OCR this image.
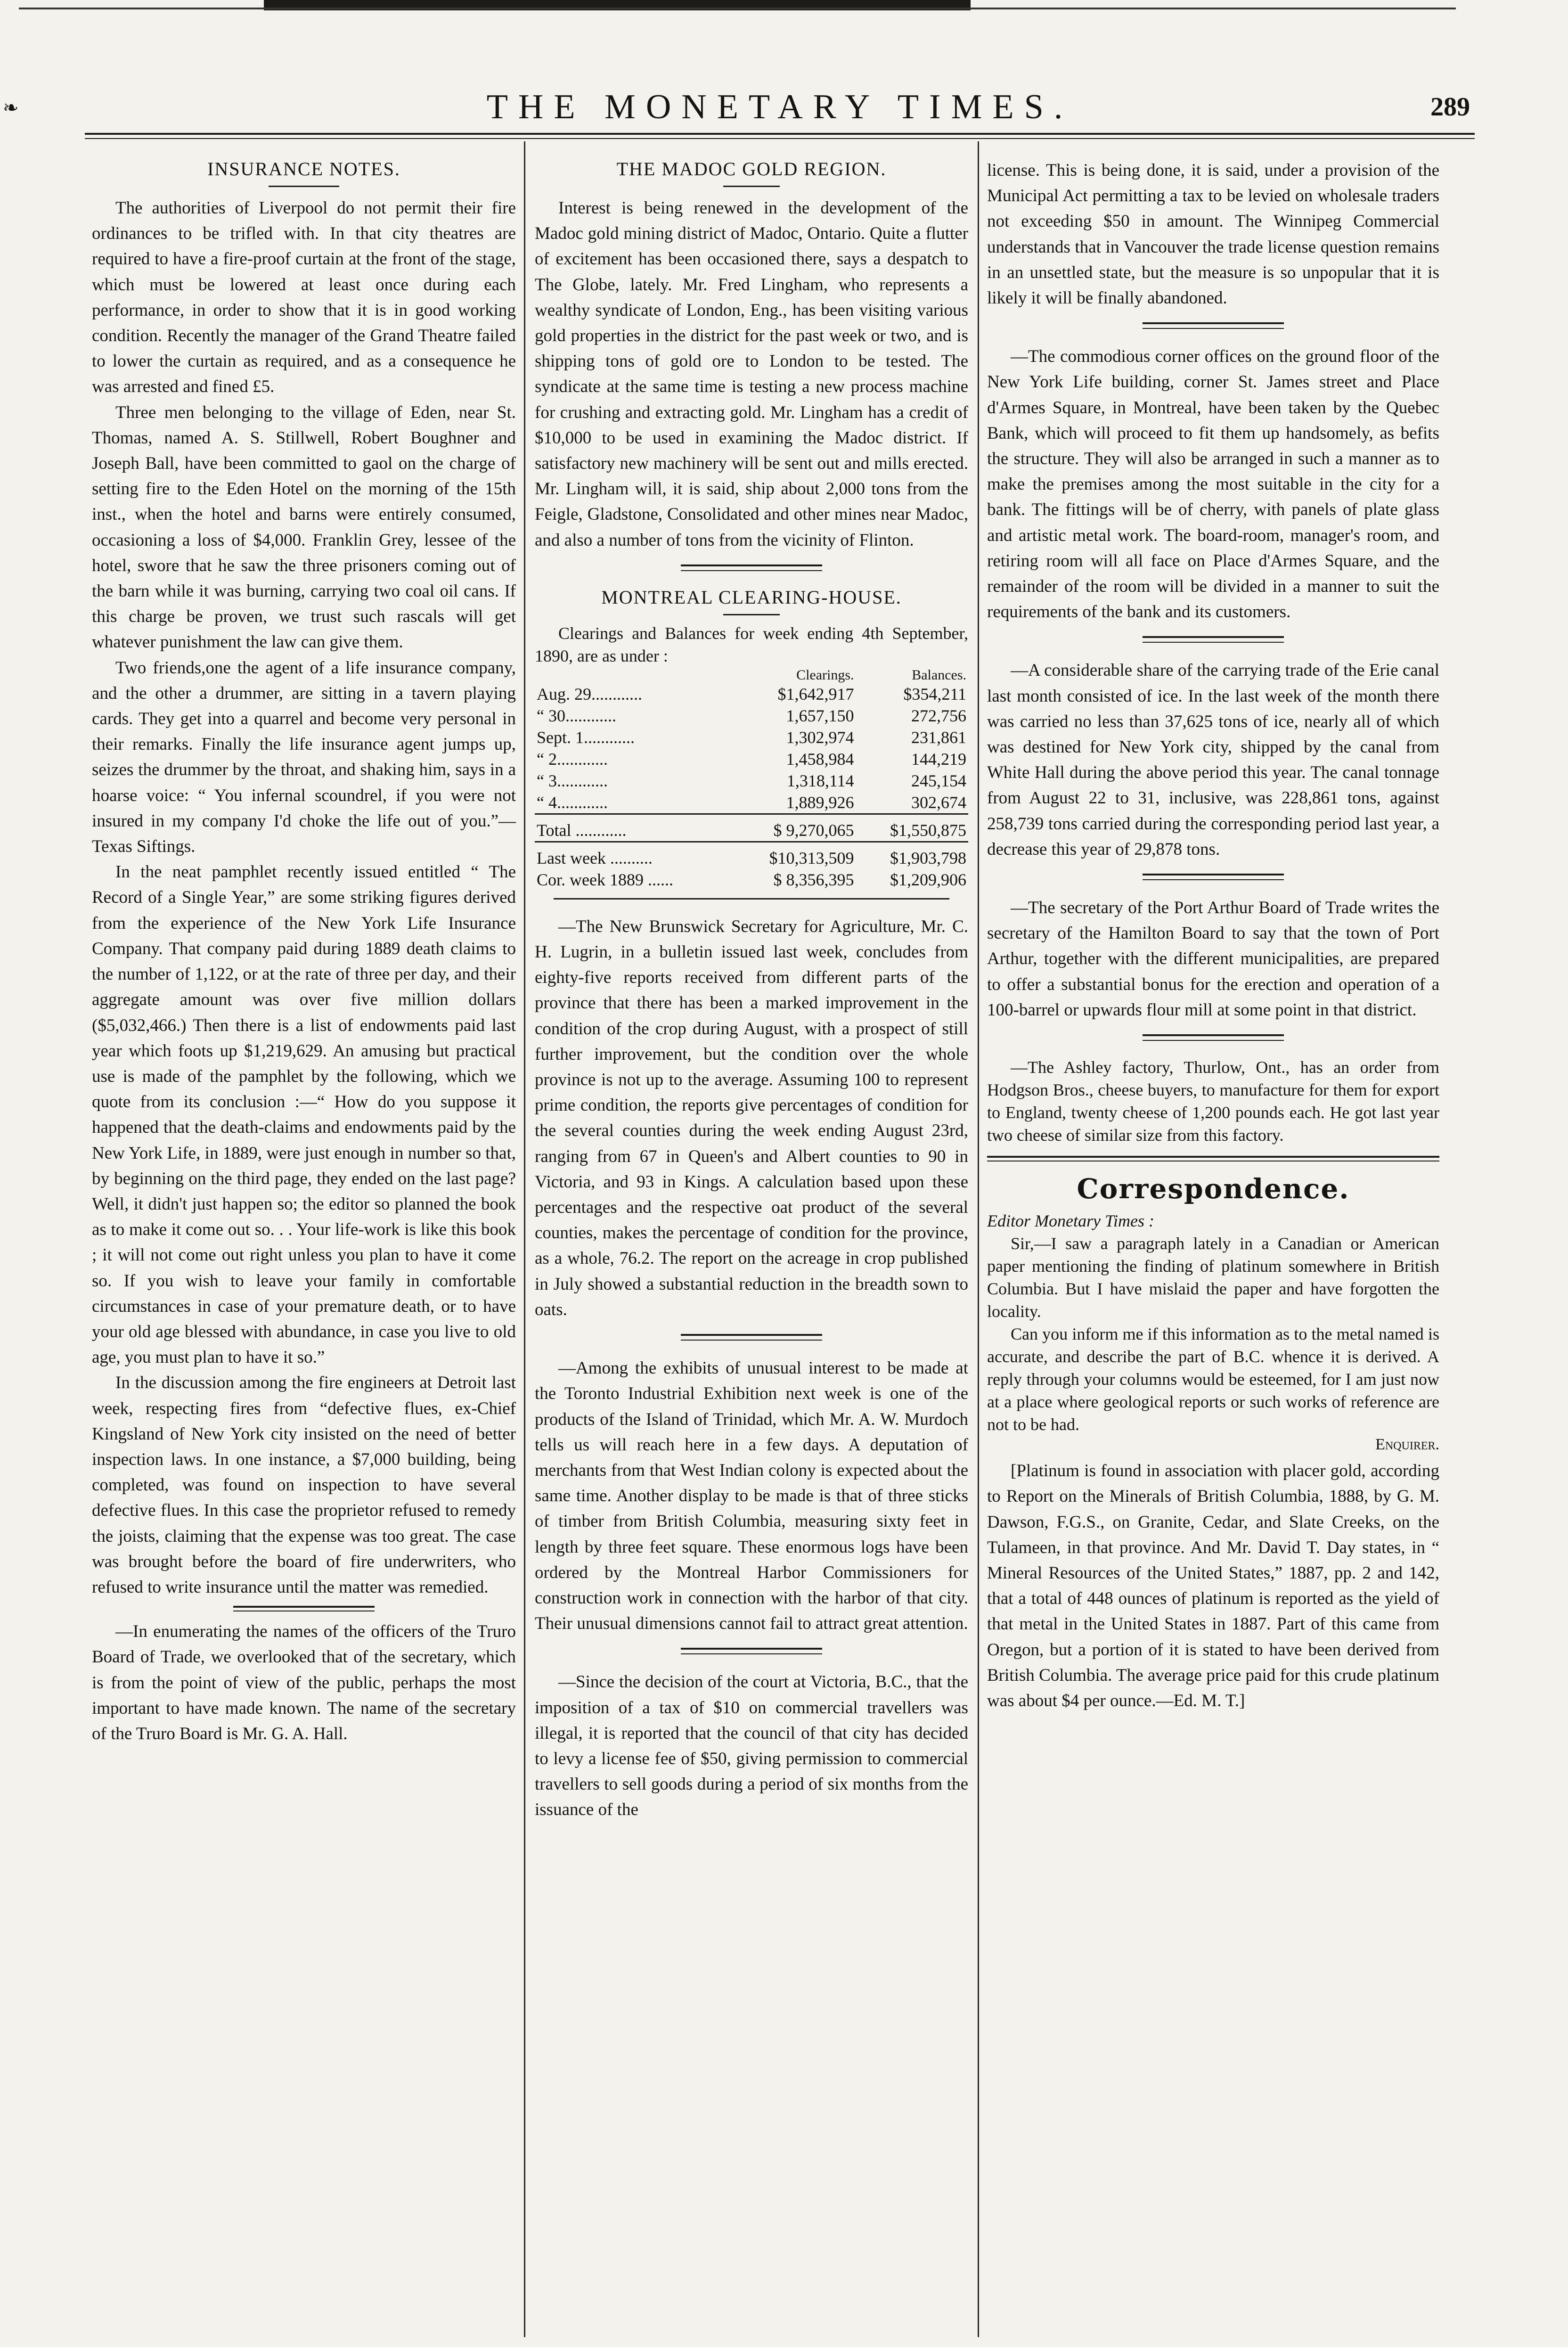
❧	THE MONETARY TIMES.	289

INSURANCE NOTES.

The authorities of Liverpool do not permit their fire ordinances to be trifled with. In that city theatres are required to have a fire-proof curtain at the front of the stage, which must be lowered at least once during each performance, in order to show that it is in good working condition. Recently the manager of the Grand Theatre failed to lower the curtain as required, and as a consequence he was arrested and fined £5.

Three men belonging to the village of Eden, near St. Thomas, named A. S. Stillwell, Robert Boughner and Joseph Ball, have been committed to gaol on the charge of setting fire to the Eden Hotel on the morning of the 15th inst., when the hotel and barns were entirely consumed, occasioning a loss of $4,000. Franklin Grey, lessee of the hotel, swore that he saw the three prisoners coming out of the barn while it was burning, carrying two coal oil cans. If this charge be proven, we trust such rascals will get whatever punishment the law can give them.

Two friends,one the agent of a life insurance company, and the other a drummer, are sitting in a tavern playing cards. They get into a quarrel and become very personal in their remarks. Finally the life insurance agent jumps up, seizes the drummer by the throat, and shaking him, says in a hoarse voice: “ You infernal scoundrel, if you were not insured in my company I'd choke the life out of you.”—Texas Siftings.

In the neat pamphlet recently issued entitled “ The Record of a Single Year,” are some striking figures derived from the experience of the New York Life Insurance Company. That company paid during 1889 death claims to the number of 1,122, or at the rate of three per day, and their aggregate amount was over five million dollars ($5,032,466.) Then there is a list of endowments paid last year which foots up $1,219,629. An amusing but practical use is made of the pamphlet by the following, which we quote from its conclusion :—“ How do you suppose it happened that the death-claims and endowments paid by the New York Life, in 1889, were just enough in number so that, by beginning on the third page, they ended on the last page? Well, it didn't just happen so; the editor so planned the book as to make it come out so. . . Your life-work is like this book ; it will not come out right unless you plan to have it come so. If you wish to leave your family in comfortable circumstances in case of your premature death, or to have your old age blessed with abundance, in case you live to old age, you must plan to have it so.”

In the discussion among the fire engineers at Detroit last week, respecting fires from “defective flues, ex-Chief Kingsland of New York city insisted on the need of better inspection laws. In one instance, a $7,000 building, being completed, was found on inspection to have several defective flues. In this case the proprietor refused to remedy the joists, claiming that the expense was too great. The case was brought before the board of fire underwriters, who refused to write insurance until the matter was remedied.

—In enumerating the names of the officers of the Truro Board of Trade, we overlooked that of the secretary, which is from the point of view of the public, perhaps the most important to have made known. The name of the secretary of the Truro Board is Mr. G. A. Hall.

THE MADOC GOLD REGION.

Interest is being renewed in the development of the Madoc gold mining district of Madoc, Ontario. Quite a flutter of excitement has been occasioned there, says a despatch to The Globe, lately. Mr. Fred Lingham, who represents a wealthy syndicate of London, Eng., has been visiting various gold properties in the district for the past week or two, and is shipping tons of gold ore to London to be tested. The syndicate at the same time is testing a new process machine for crushing and extracting gold. Mr. Lingham has a credit of $10,000 to be used in examining the Madoc district. If satisfactory new machinery will be sent out and mills erected. Mr. Lingham will, it is said, ship about 2,000 tons from the Feigle, Gladstone, Consolidated and other mines near Madoc, and also a number of tons from the vicinity of Flinton.

MONTREAL CLEARING-HOUSE.

Clearings and Balances for week ending 4th September, 1890, are as under :

	Clearings.	Balances.
Aug. 29............	$1,642,917	$354,211
“ 30............	1,657,150	272,756
Sept. 1............	1,302,974	231,861
“ 2............	1,458,984	144,219
“ 3............	1,318,114	245,154
“ 4............	1,889,926	302,674
Total ............	$ 9,270,065	$1,550,875
Last week ..........	$10,313,509	$1,903,798
Cor. week 1889 ......	$ 8,356,395	$1,209,906

—The New Brunswick Secretary for Agriculture, Mr. C. H. Lugrin, in a bulletin issued last week, concludes from eighty-five reports received from different parts of the province that there has been a marked improvement in the condition of the crop during August, with a prospect of still further improvement, but the condition over the whole province is not up to the average. Assuming 100 to represent prime condition, the reports give percentages of condition for the several counties during the week ending August 23rd, ranging from 67 in Queen's and Albert counties to 90 in Victoria, and 93 in Kings. A calculation based upon these percentages and the respective oat product of the several counties, makes the percentage of condition for the province, as a whole, 76.2. The report on the acreage in crop published in July showed a substantial reduction in the breadth sown to oats.

—Among the exhibits of unusual interest to be made at the Toronto Industrial Exhibition next week is one of the products of the Island of Trinidad, which Mr. A. W. Murdoch tells us will reach here in a few days. A deputation of merchants from that West Indian colony is expected about the same time. Another display to be made is that of three sticks of timber from British Columbia, measuring sixty feet in length by three feet square. These enormous logs have been ordered by the Montreal Harbor Commissioners for construction work in connection with the harbor of that city. Their unusual dimensions cannot fail to attract great attention.

—Since the decision of the court at Victoria, B.C., that the imposition of a tax of $10 on commercial travellers was illegal, it is reported that the council of that city has decided to levy a license fee of $50, giving permission to commercial travellers to sell goods during a period of six months from the issuance of the

license. This is being done, it is said, under a provision of the Municipal Act permitting a tax to be levied on wholesale traders not exceeding $50 in amount. The Winnipeg Commercial understands that in Vancouver the trade license question remains in an unsettled state, but the measure is so unpopular that it is likely it will be finally abandoned.

—The commodious corner offices on the ground floor of the New York Life building, corner St. James street and Place d'Armes Square, in Montreal, have been taken by the Quebec Bank, which will proceed to fit them up handsomely, as befits the structure. They will also be arranged in such a manner as to make the premises among the most suitable in the city for a bank. The fittings will be of cherry, with panels of plate glass and artistic metal work. The board-room, manager's room, and retiring room will all face on Place d'Armes Square, and the remainder of the room will be divided in a manner to suit the requirements of the bank and its customers.

—A considerable share of the carrying trade of the Erie canal last month consisted of ice. In the last week of the month there was carried no less than 37,625 tons of ice, nearly all of which was destined for New York city, shipped by the canal from White Hall during the above period this year. The canal tonnage from August 22 to 31, inclusive, was 228,861 tons, against 258,739 tons carried during the corresponding period last year, a decrease this year of 29,878 tons.

—The secretary of the Port Arthur Board of Trade writes the secretary of the Hamilton Board to say that the town of Port Arthur, together with the different municipalities, are prepared to offer a substantial bonus for the erection and operation of a 100-barrel or upwards flour mill at some point in that district.

—The Ashley factory, Thurlow, Ont., has an order from Hodgson Bros., cheese buyers, to manufacture for them for export to England, twenty cheese of 1,200 pounds each. He got last year two cheese of similar size from this factory.

Correspondence.

Editor Monetary Times :

Sir,—I saw a paragraph lately in a Canadian or American paper mentioning the finding of platinum somewhere in British Columbia. But I have mislaid the paper and have forgotten the locality.

Can you inform me if this information as to the metal named is accurate, and describe the part of B.C. whence it is derived. A reply through your columns would be esteemed, for I am just now at a place where geological reports or such works of reference are not to be had.

Enquirer.

[Platinum is found in association with placer gold, according to Report on the Minerals of British Columbia, 1888, by G. M. Dawson, F.G.S., on Granite, Cedar, and Slate Creeks, on the Tulameen, in that province. And Mr. David T. Day states, in “ Mineral Resources of the United States,” 1887, pp. 2 and 142, that a total of 448 ounces of platinum is reported as the yield of that metal in the United States in 1887. Part of this came from Oregon, but a portion of it is stated to have been derived from British Columbia. The average price paid for this crude platinum was about $4 per ounce.—Ed. M. T.]
